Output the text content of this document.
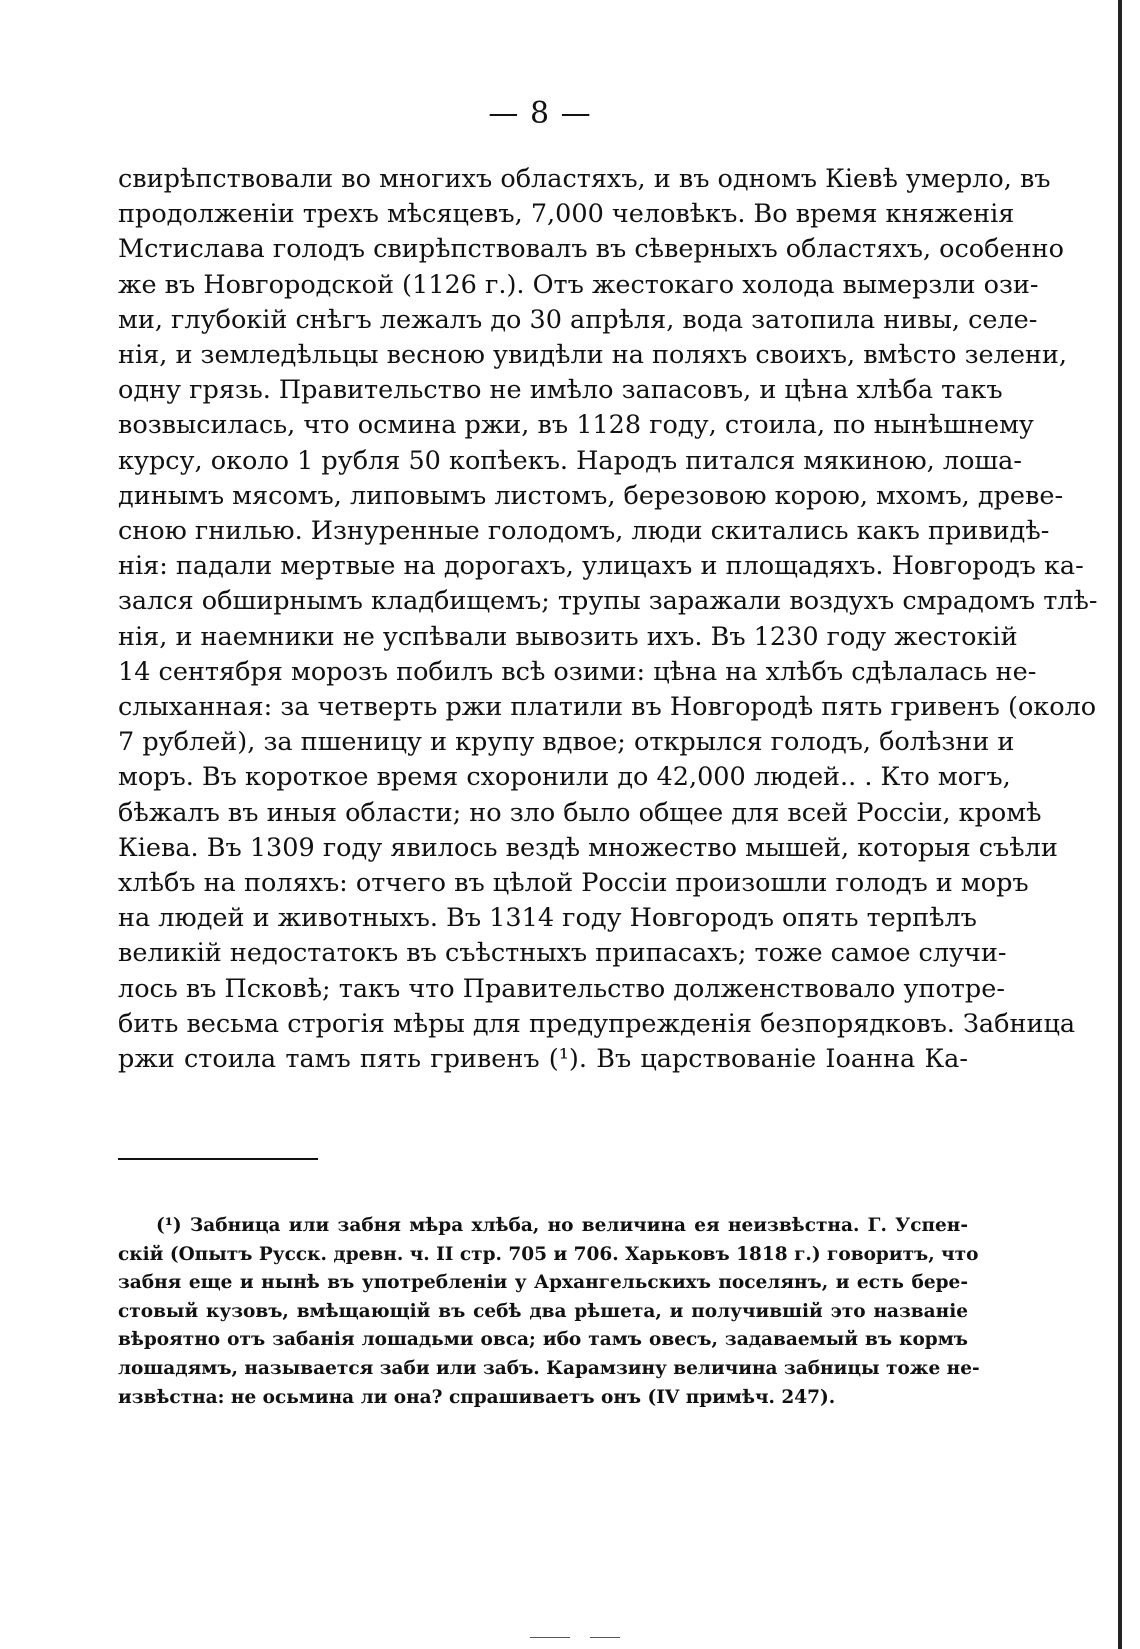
— 8 —

свирѣпствовали во многихъ областяхъ, и въ одномъ Кіевѣ умерло, въ
продолженіи трехъ мѣсяцевъ, 7,000 человѣкъ. Во время княженія
Мстислава голодъ свирѣпствовалъ въ сѣверныхъ областяхъ, особенно
же въ Новгородской (1126 г.). Отъ жестокаго холода вымерзли ози-
ми, глубокій снѣгъ лежалъ до 30 апрѣля, вода затопила нивы, селе-
нія, и земледѣльцы весною увидѣли на поляхъ своихъ, вмѣсто зелени,
одну грязь. Правительство не имѣло запасовъ, и цѣна хлѣба такъ
возвысилась, что осмина ржи, въ 1128 году, стоила, по нынѣшнему
курсу, около 1 рубля 50 копѣекъ. Народъ питался мякиною, лоша-
динымъ мясомъ, липовымъ листомъ, березовою корою, мхомъ, древе-
сною гнилью. Изнуренные голодомъ, люди скитались какъ привидѣ-
нія: падали мертвые на дорогахъ, улицахъ и площадяхъ. Новгородъ ка-
зался обширнымъ кладбищемъ; трупы заражали воздухъ смрадомъ тлѣ-
нія, и наемники не успѣвали вывозить ихъ. Въ 1230 году жестокій
14 сентября морозъ побилъ всѣ озими: цѣна на хлѣбъ сдѣлалась не-
слыханная: за четверть ржи платили въ Новгородѣ пять гривенъ (около
7 рублей), за пшеницу и крупу вдвое; открылся голодъ, болѣзни и
моръ. Въ короткое время схоронили до 42,000 людей.. . Кто могъ,
бѣжалъ въ иныя области; но зло было общее для всей Россіи, кромѣ
Кіева. Въ 1309 году явилось вездѣ множество мышей, которыя съѣли
хлѣбъ на поляхъ: отчего въ цѣлой Россіи произошли голодъ и моръ
на людей и животныхъ. Въ 1314 году Новгородъ опять терпѣлъ
великій недостатокъ въ съѣстныхъ припасахъ; тоже самое случи-
лось въ Псковѣ; такъ что Правительство долженствовало употре-
бить весьма строгія мѣры для предупрежденія безпорядковъ. Забница
ржи стоила тамъ пять гривенъ (¹). Въ царствованіе Іоанна Ка-

(¹) Забница или забня мѣра хлѣба, но величина ея неизвѣстна. Г. Успен-
скій (Опытъ Русск. древн. ч. II стр. 705 и 706. Харьковъ 1818 г.) говоритъ, что
забня еще и нынѣ въ употребленіи у Архангельскихъ поселянъ, и есть бере-
стовый кузовъ, вмѣщающій въ себѣ два рѣшета, и получившій это названіе
вѣроятно отъ забанія лошадьми овса; ибо тамъ овесъ, задаваемый въ кормъ
лошадямъ, называется заби или забъ. Карамзину величина забницы тоже не-
извѣстна: не осьмина ли она? спрашиваетъ онъ (IV примѣч. 247).
